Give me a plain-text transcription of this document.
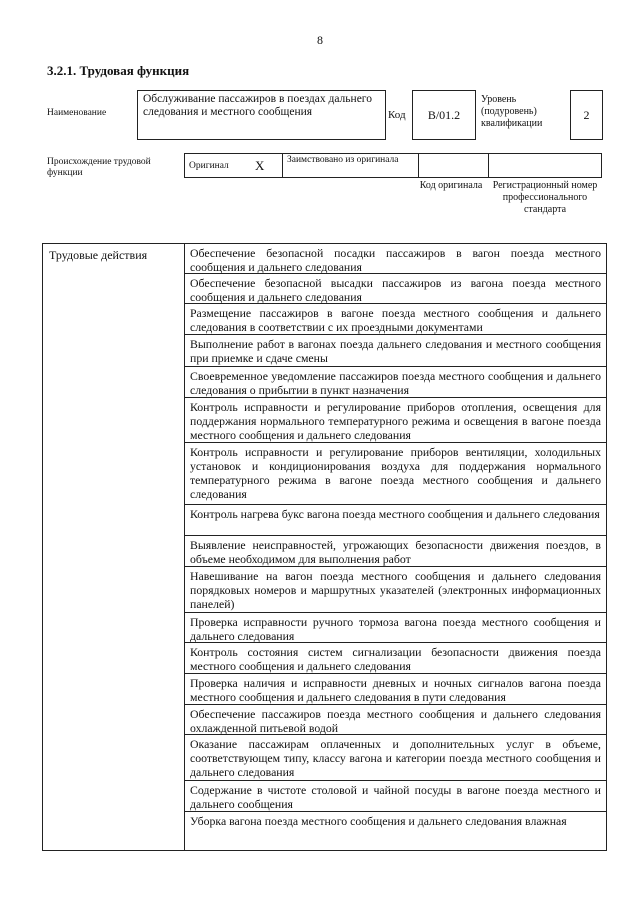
8
3.2.1. Трудовая функция
Наименование
Обслуживание пассажиров в поездах дальнего следования и местного сообщения	Код	В/01.2
Уровень (подуровень) квалификации
2
Происхождение трудовой функции
Оригинал X Заимствовано из оригинала
Код оригинала	Регистрационный номер профессионального стандарта
Трудовые действия	Обеспечение безопасной посадки пассажиров в вагон поезда местного сообщения и дальнего следования
Обеспечение безопасной высадки пассажиров из вагона поезда местного сообщения и дальнего следования
Размещение пассажиров в вагоне поезда местного сообщения и дальнего следования в соответствии с их проездными документами
Выполнение работ в вагонах поезда дальнего следования и местного сообщения при приемке и сдаче смены
Своевременное уведомление пассажиров поезда местного сообщения и дальнего следования о прибытии в пункт назначения
Контроль исправности и регулирование приборов отопления, освещения для поддержания нормального температурного режима и освещения в вагоне поезда местного сообщения и дальнего следования
Контроль исправности и регулирование приборов вентиляции, холодильных установок и кондиционирования воздуха для поддержания нормального температурного режима в вагоне поезда местного сообщения и дальнего следования
Контроль нагрева букс вагона поезда местного сообщения и дальнего следования
Выявление неисправностей, угрожающих безопасности движения поездов, в объеме необходимом для выполнения работ
Навешивание на вагон поезда местного сообщения и дальнего следования порядковых номеров и маршрутных указателей (электронных информационных панелей)
Проверка исправности ручного тормоза вагона поезда местного сообщения и дальнего следования
Контроль состояния систем сигнализации безопасности движения поезда местного сообщения и дальнего следования
Проверка наличия и исправности дневных и ночных сигналов вагона поезда местного сообщения и дальнего следования в пути следования
Обеспечение пассажиров поезда местного сообщения и дальнего следования охлажденной питьевой водой
Оказание пассажирам оплаченных и дополнительных услуг в объеме, соответствующем типу, классу вагона и категории поезда местного сообщения и дальнего следования
Содержание в чистоте столовой и чайной посуды в вагоне поезда местного и дальнего сообщения
Уборка вагона поезда местного сообщения и дальнего следования влажная
